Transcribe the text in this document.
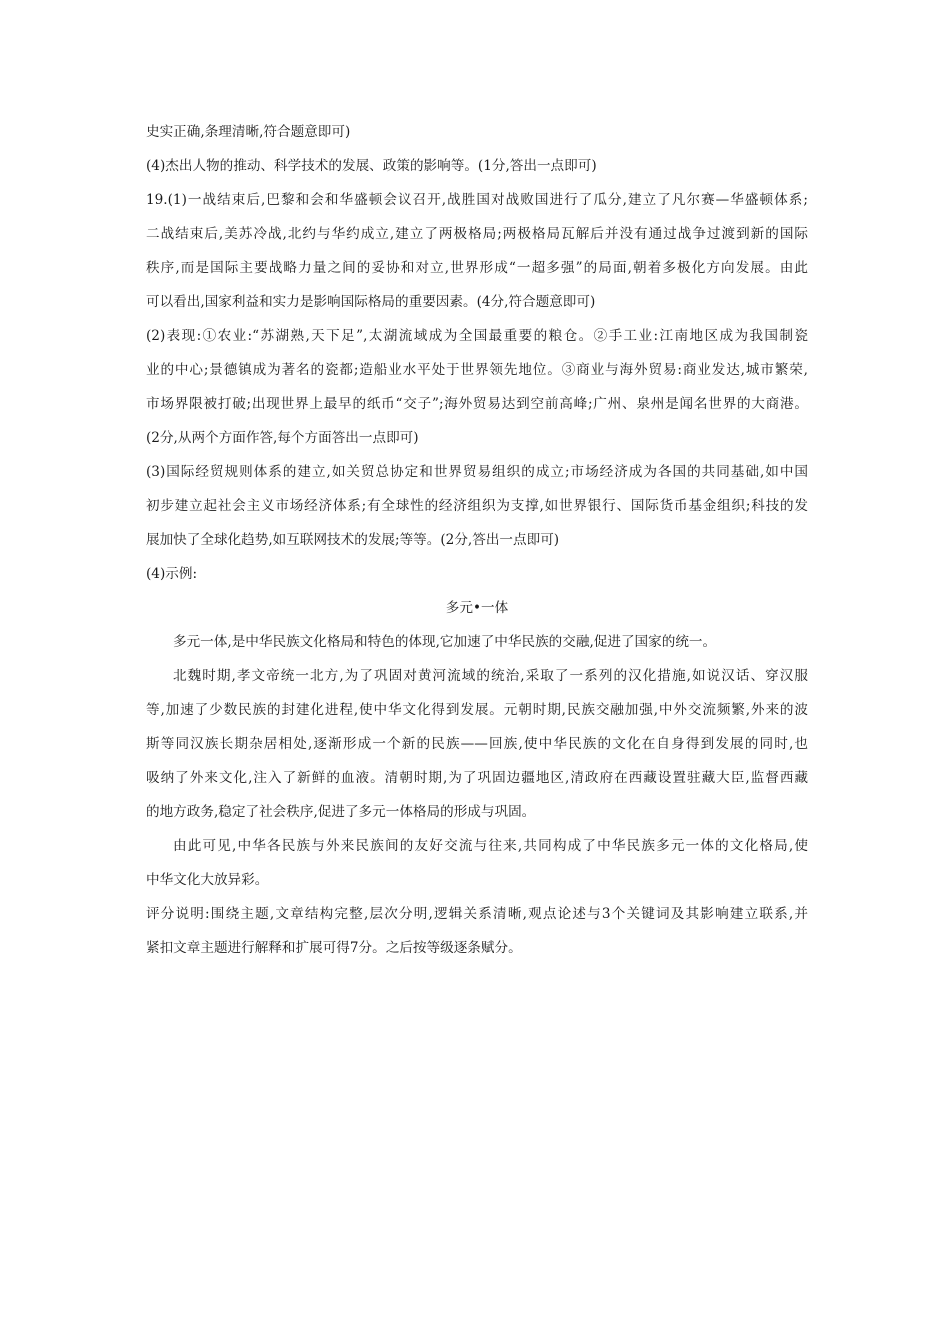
史实正确,条理清晰,符合题意即可)
(4)杰出人物的推动、科学技术的发展、政策的影响等。(1分,答出一点即可)
19.(1)一战结束后,巴黎和会和华盛顿会议召开,战胜国对战败国进行了瓜分,建立了凡尔赛—华盛顿体系;
二战结束后,美苏冷战,北约与华约成立,建立了两极格局;两极格局瓦解后并没有通过战争过渡到新的国际
秩序,而是国际主要战略力量之间的妥协和对立,世界形成“一超多强”的局面,朝着多极化方向发展。由此
可以看出,国家利益和实力是影响国际格局的重要因素。(4分,符合题意即可)
(2)表现:①农业:“苏湖熟,天下足”,太湖流域成为全国最重要的粮仓。②手工业:江南地区成为我国制瓷
业的中心;景德镇成为著名的瓷都;造船业水平处于世界领先地位。③商业与海外贸易:商业发达,城市繁荣,
市场界限被打破;出现世界上最早的纸币“交子”;海外贸易达到空前高峰;广州、泉州是闻名世界的大商港。
(2分,从两个方面作答,每个方面答出一点即可)
(3)国际经贸规则体系的建立,如关贸总协定和世界贸易组织的成立;市场经济成为各国的共同基础,如中国
初步建立起社会主义市场经济体系;有全球性的经济组织为支撑,如世界银行、国际货币基金组织;科技的发
展加快了全球化趋势,如互联网技术的发展;等等。(2分,答出一点即可)
(4)示例:
多元•一体
多元一体,是中华民族文化格局和特色的体现,它加速了中华民族的交融,促进了国家的统一。
北魏时期,孝文帝统一北方,为了巩固对黄河流域的统治,采取了一系列的汉化措施,如说汉话、穿汉服
等,加速了少数民族的封建化进程,使中华文化得到发展。元朝时期,民族交融加强,中外交流频繁,外来的波
斯等同汉族长期杂居相处,逐渐形成一个新的民族——回族,使中华民族的文化在自身得到发展的同时,也
吸纳了外来文化,注入了新鲜的血液。清朝时期,为了巩固边疆地区,清政府在西藏设置驻藏大臣,监督西藏
的地方政务,稳定了社会秩序,促进了多元一体格局的形成与巩固。
由此可见,中华各民族与外来民族间的友好交流与往来,共同构成了中华民族多元一体的文化格局,使
中华文化大放异彩。
评分说明:围绕主题,文章结构完整,层次分明,逻辑关系清晰,观点论述与3个关键词及其影响建立联系,并
紧扣文章主题进行解释和扩展可得7分。之后按等级逐条赋分。
